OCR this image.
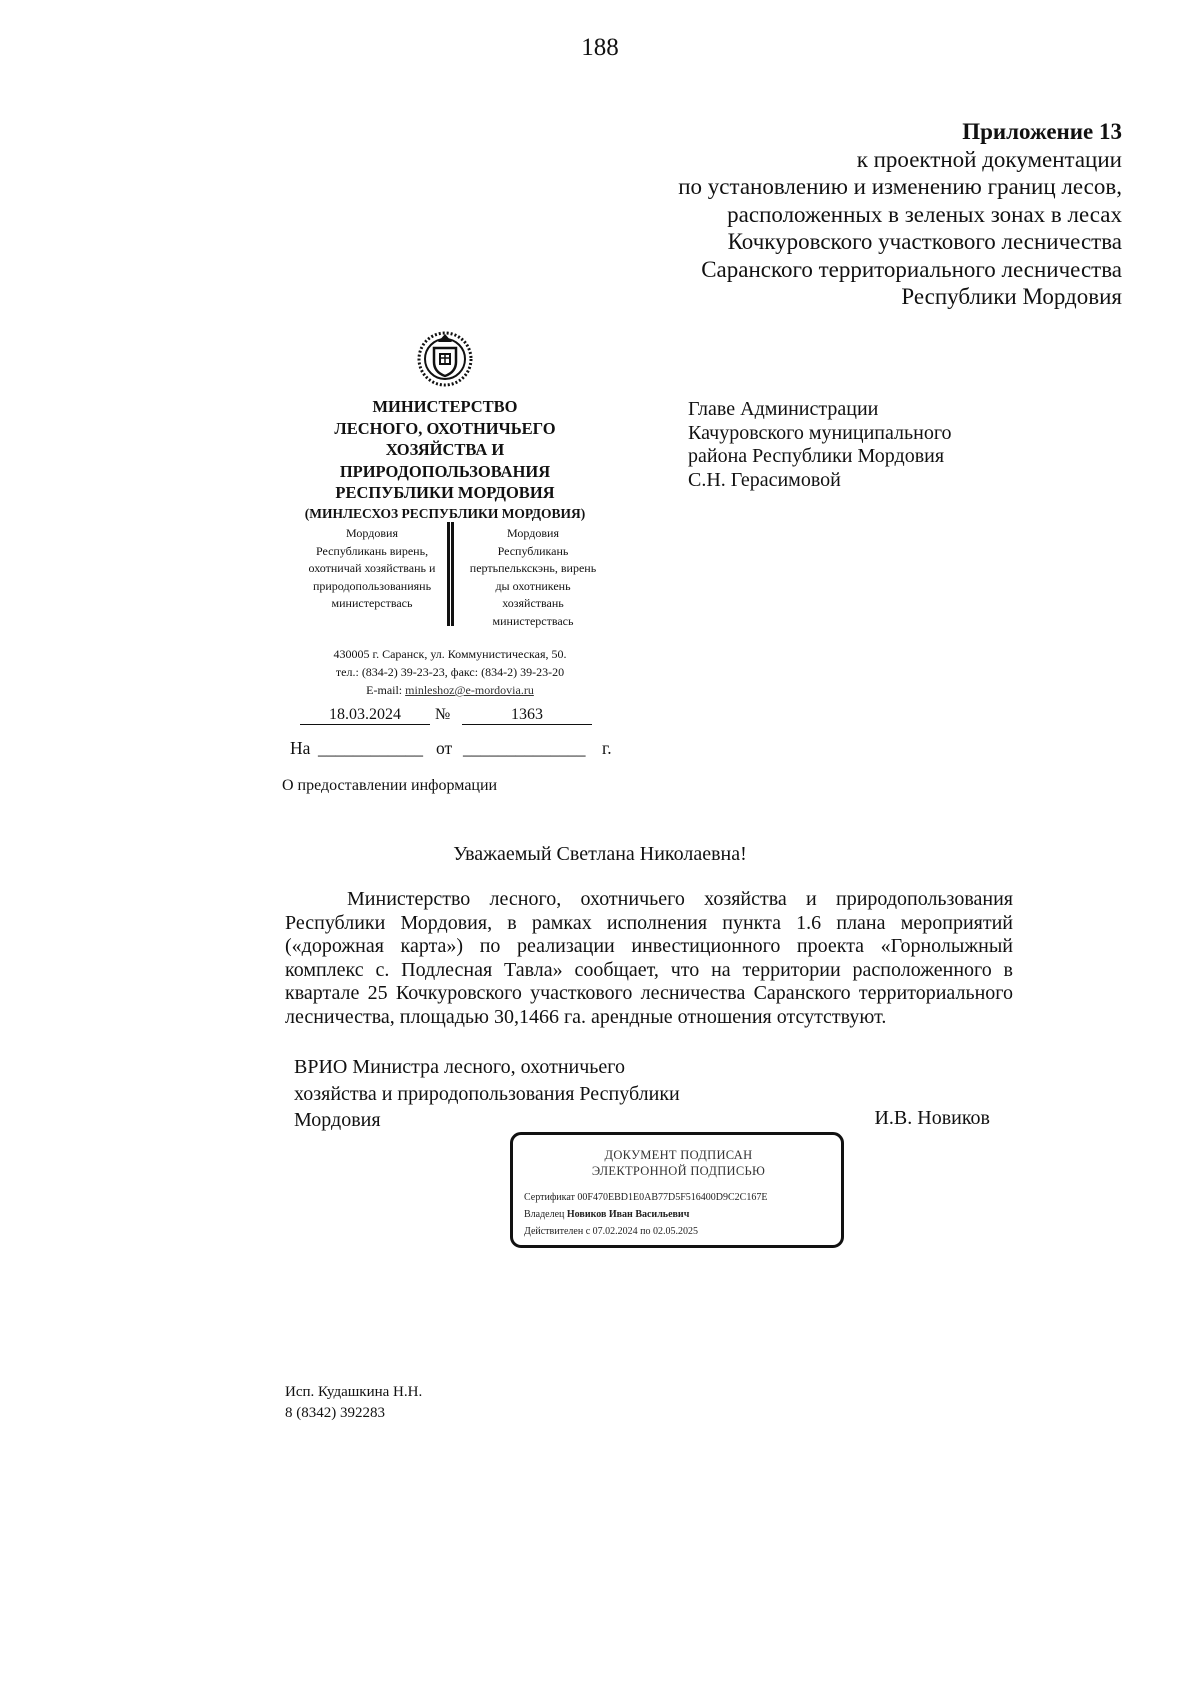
188
Приложение 13
к проектной документации
по установлению и изменению границ лесов,
расположенных в зеленых зонах в лесах
Кочкуровского участкового лесничества
Саранского территориального лесничества
Республики Мордовия
МИНИСТЕРСТВО
ЛЕСНОГО, ОХОТНИЧЬЕГО
ХОЗЯЙСТВА И
ПРИРОДОПОЛЬЗОВАНИЯ
РЕСПУБЛИКИ МОРДОВИЯ
(МИНЛЕСХОЗ РЕСПУБЛИКИ МОРДОВИЯ)
Мордовия
Республикань вирень,
охотничай хозяйствань и
природопользованиянь
министерствась
Мордовия
Республикань
пертьпелькскэнь, вирень
ды охотникень
хозяйствань
министерствась
430005 г. Саранск, ул. Коммунистическая, 50.
тел.: (834-2) 39-23-23, факс: (834-2) 39-23-20
E-mail: minleshoz@e-mordovia.ru
18.03.2024	№	1363
На ____________ от ______________ г.
О предоставлении информации
Главе Администрации
Качуровского муниципального
района Республики Мордовия
С.Н. Герасимовой
Уважаемый Светлана Николаевна!
Министерство лесного, охотничьего хозяйства и природопользования Республики Мордовия, в рамках исполнения пункта 1.6 плана мероприятий («дорожная карта») по реализации инвестиционного проекта «Горнолыжный комплекс с. Подлесная Тавла» сообщает, что на территории расположенного в квартале 25 Кочкуровского участкового лесничества Саранского территориального лесничества, площадью 30,1466 га. арендные отношения отсутствуют.
ВРИО Министра лесного, охотничьего
хозяйства и природопользования Республики
Мордовия	И.В. Новиков
ДОКУМЕНТ ПОДПИСАН
ЭЛЕКТРОННОЙ ПОДПИСЬЮ
Сертификат 00F470EBD1E0AB77D5F516400D9C2C167E
Владелец Новиков Иван Васильевич
Действителен с 07.02.2024 по 02.05.2025
Исп. Кудашкина Н.Н.
8 (8342) 392283
